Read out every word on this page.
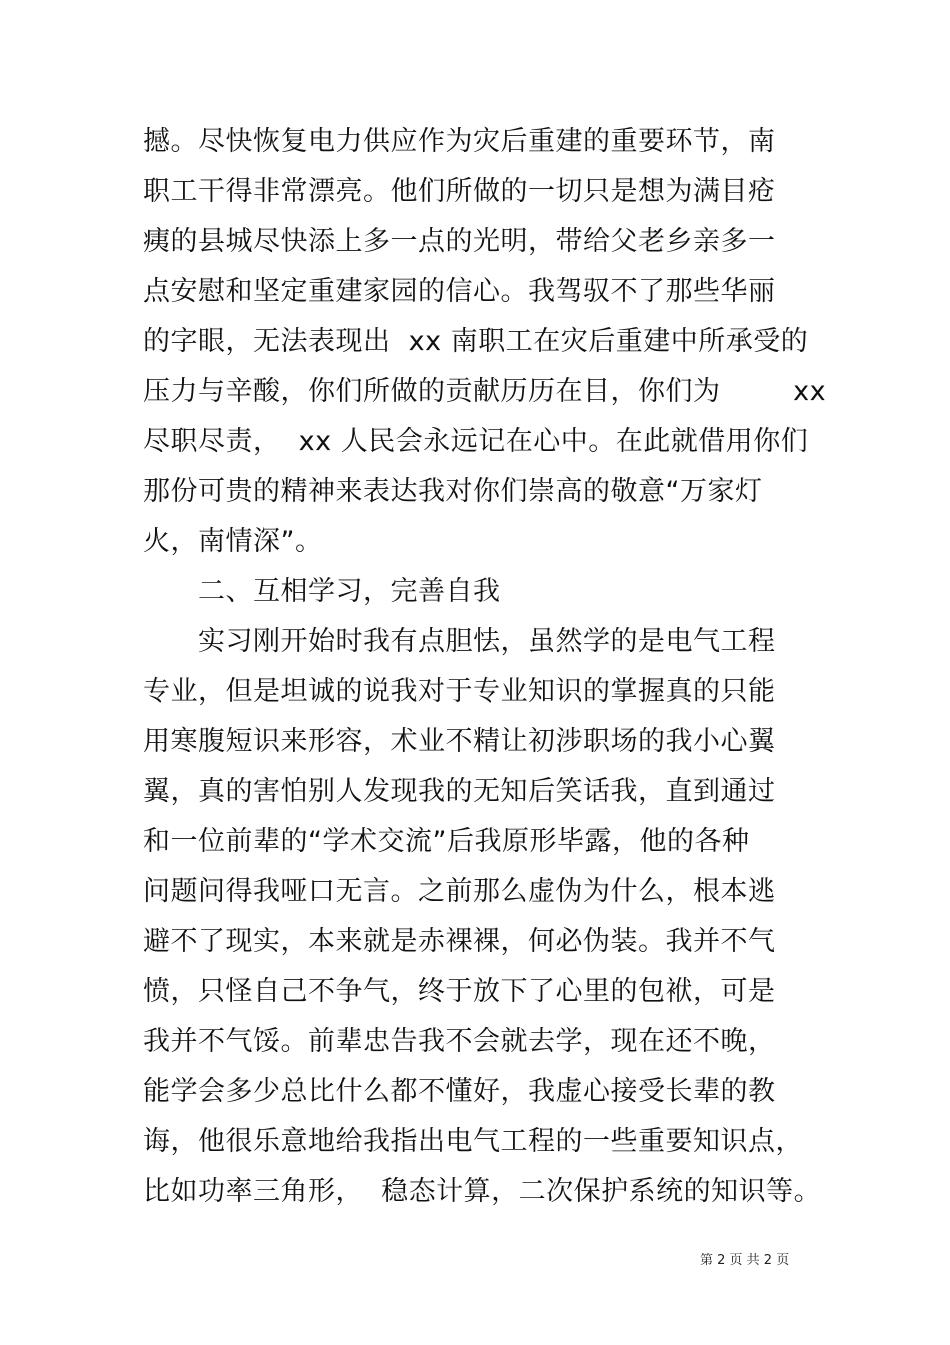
撼。尽快恢复电力供应作为灾后重建的重要环节，南
职工干得非常漂亮。他们所做的一切只是想为满目疮
痍的县城尽快添上多一点的光明，带给父老乡亲多一
点安慰和坚定重建家园的信心。我驾驭不了那些华丽
的字眼，无法表现出  xx 南职工在灾后重建中所承受的
压力与辛酸，你们所做的贡献历历在目，你们为        xx
尽职尽责，  xx 人民会永远记在心中。在此就借用你们
那份可贵的精神来表达我对你们崇高的敬意“万家灯
火，南情深”。
二、互相学习，完善自我
实习刚开始时我有点胆怯，虽然学的是电气工程
专业，但是坦诚的说我对于专业知识的掌握真的只能
用寒腹短识来形容，术业不精让初涉职场的我小心翼
翼，真的害怕别人发现我的无知后笑话我，直到通过
和一位前辈的“学术交流”后我原形毕露，他的各种
问题问得我哑口无言。之前那么虚伪为什么，根本逃
避不了现实，本来就是赤裸裸，何必伪装。我并不气
愤，只怪自己不争气，终于放下了心里的包袱，可是
我并不气馁。前辈忠告我不会就去学，现在还不晚，
能学会多少总比什么都不懂好，我虚心接受长辈的教
诲，他很乐意地给我指出电气工程的一些重要知识点，
比如功率三角形，  稳态计算，二次保护系统的知识等。
第 2 页 共 2 页
